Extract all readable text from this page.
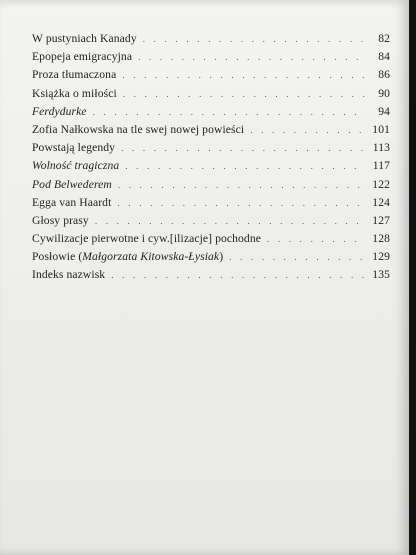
W pustyniach Kanady . . .	82
Epopeja emigracyjna . . .	84
Proza tłumaczona . . .	86
Książka o miłości . . .	90
Ferdydurke . . .	94
Zofia Nałkowska na tle swej nowej powieści . . .	101
Powstają legendy . . .	113
Wolność tragiczna . . .	117
Pod Belwederem . . .	122
Egga van Haardt . . .	124
Głosy prasy . . .	127
Cywilizacje pierwotne i cyw.[ilizacje] pochodne . . .	128
Posłowie (Małgorzata Kitowska-Łysiak) . . .	129
Indeks nazwisk . . .	135
